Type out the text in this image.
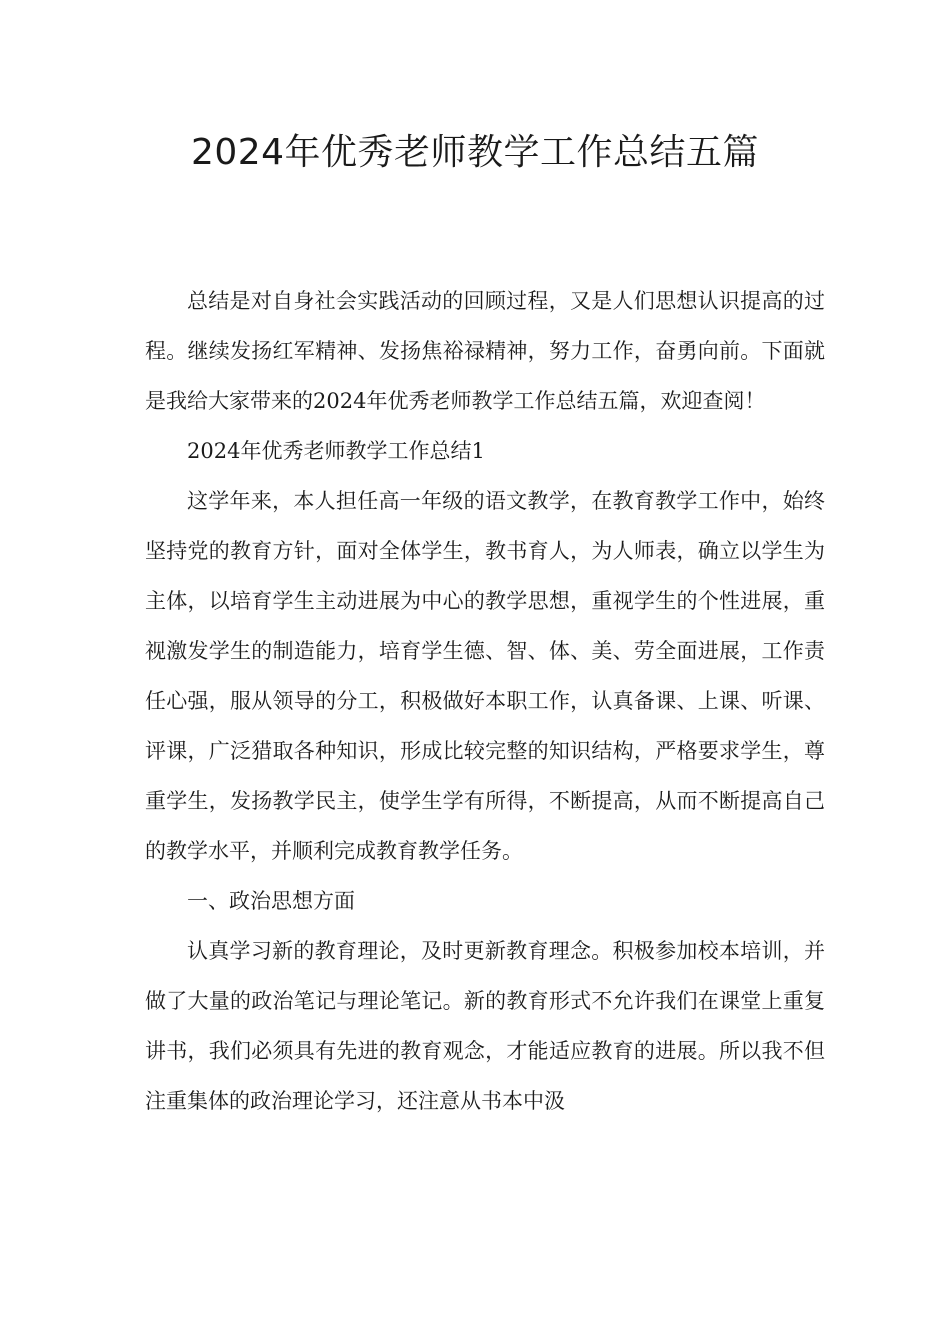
2024年优秀老师教学工作总结五篇

总结是对自身社会实践活动的回顾过程，又是人们思想认识提高的过程。继续发扬红军精神、发扬焦裕禄精神，努力工作，奋勇向前。下面就是我给大家带来的2024年优秀老师教学工作总结五篇，欢迎查阅！

2024年优秀老师教学工作总结1

这学年来，本人担任高一年级的语文教学，在教育教学工作中，始终坚持党的教育方针，面对全体学生，教书育人，为人师表，确立以学生为主体，以培育学生主动进展为中心的教学思想，重视学生的个性进展，重视激发学生的制造能力，培育学生德、智、体、美、劳全面进展，工作责任心强，服从领导的分工，积极做好本职工作，认真备课、上课、听课、评课，广泛猎取各种知识，形成比较完整的知识结构，严格要求学生，尊重学生，发扬教学民主，使学生学有所得，不断提高，从而不断提高自己的教学水平，并顺利完成教育教学任务。

一、政治思想方面

认真学习新的教育理论，及时更新教育理念。积极参加校本培训，并做了大量的政治笔记与理论笔记。新的教育形式不允许我们在课堂上重复讲书，我们必须具有先进的教育观念，才能适应教育的进展。所以我不但注重集体的政治理论学习，还注意从书本中汲
